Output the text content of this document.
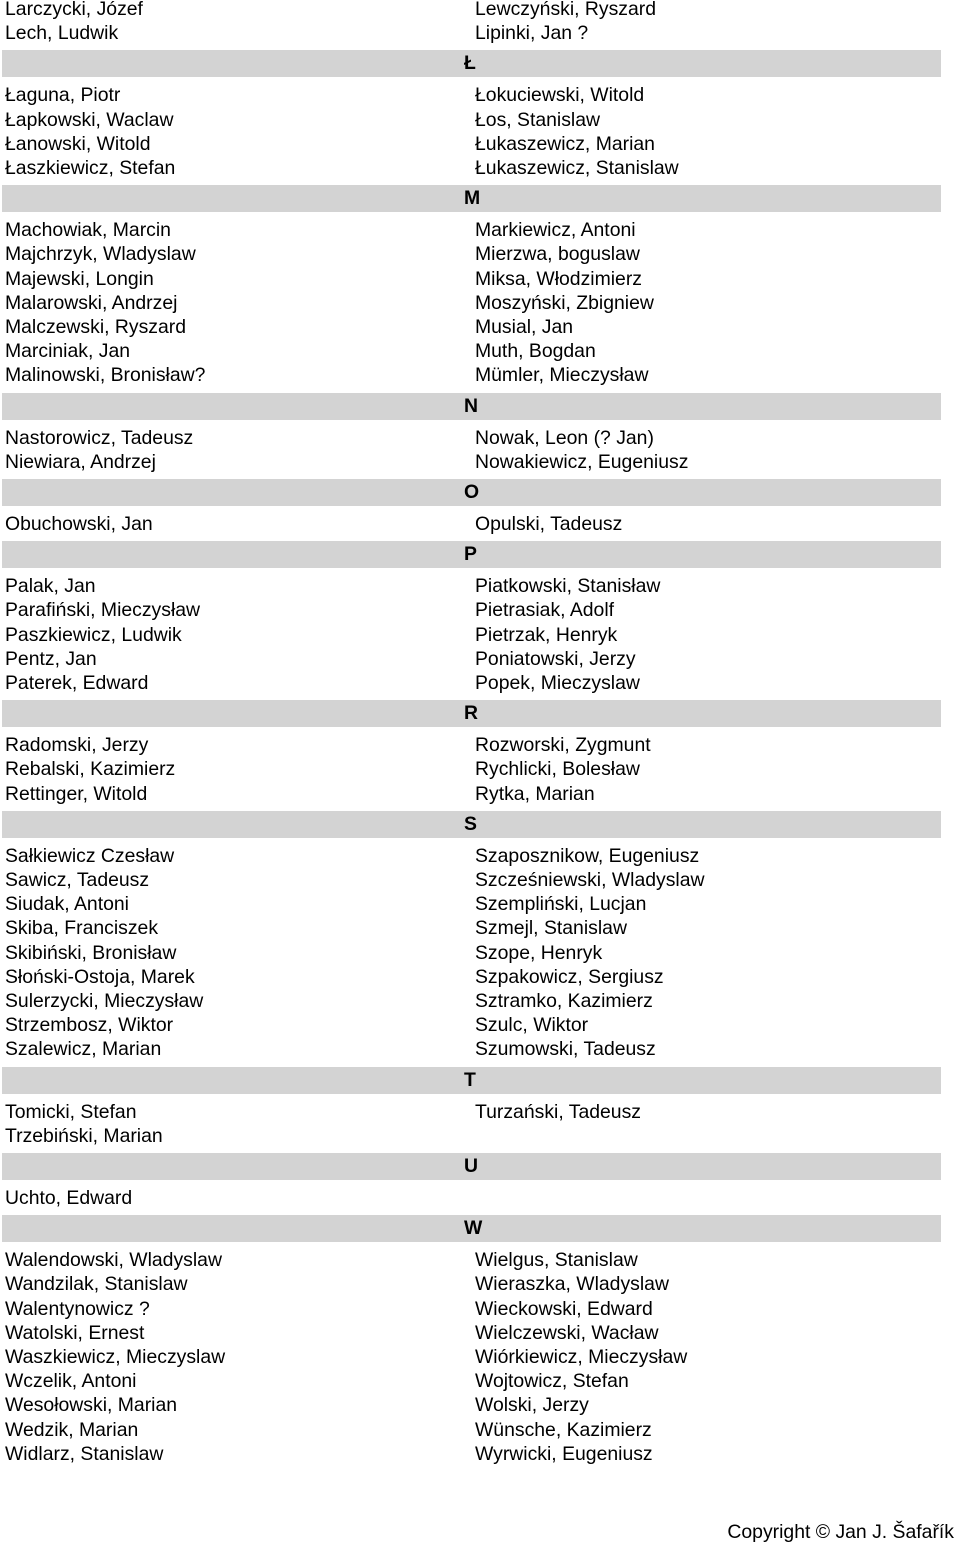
Larczycki, Józef	Lewczyński, Ryszard
Lech, Ludwik	Lipinki, Jan ?
Ł
Łaguna, Piotr	Łokuciewski, Witold
Łapkowski, Waclaw	Łos, Stanislaw
Łanowski, Witold	Łukaszewicz, Marian
Łaszkiewicz, Stefan	Łukaszewicz, Stanislaw
M
Machowiak, Marcin	Markiewicz, Antoni
Majchrzyk, Wladyslaw	Mierzwa, boguslaw
Majewski, Longin	Miksa, Włodzimierz
Malarowski, Andrzej	Moszyński, Zbigniew
Malczewski, Ryszard	Musial, Jan
Marciniak, Jan	Muth, Bogdan
Malinowski, Bronisław?	Mümler, Mieczysław
N
Nastorowicz, Tadeusz	Nowak, Leon (? Jan)
Niewiara, Andrzej	Nowakiewicz, Eugeniusz
O
Obuchowski, Jan	Opulski, Tadeusz
P
Palak, Jan	Piatkowski, Stanisław
Parafiński, Mieczysław	Pietrasiak, Adolf
Paszkiewicz, Ludwik	Pietrzak, Henryk
Pentz, Jan	Poniatowski, Jerzy
Paterek, Edward	Popek, Mieczyslaw
R
Radomski, Jerzy	Rozworski, Zygmunt
Rebalski, Kazimierz	Rychlicki, Bolesław
Rettinger, Witold	Rytka, Marian
S
Sałkiewicz Czesław	Szaposznikow, Eugeniusz
Sawicz, Tadeusz	Szcześniewski, Wladyslaw
Siudak, Antoni	Szempliński, Lucjan
Skiba, Franciszek	Szmejl, Stanislaw
Skibiński, Bronisław	Szope, Henryk
Słoński-Ostoja, Marek	Szpakowicz, Sergiusz
Sulerzycki, Mieczysław	Sztramko, Kazimierz
Strzembosz, Wiktor	Szulc, Wiktor
Szalewicz, Marian	Szumowski, Tadeusz
T
Tomicki, Stefan	Turzański, Tadeusz
Trzebiński, Marian
U
Uchto, Edward
W
Walendowski, Wladyslaw	Wielgus, Stanislaw
Wandzilak, Stanislaw	Wieraszka, Wladyslaw
Walentynowicz ?	Wieckowski, Edward
Watolski, Ernest	Wielczewski, Wacław
Waszkiewicz, Mieczyslaw	Wiórkiewicz, Mieczysław
Wczelik, Antoni	Wojtowicz, Stefan
Wesołowski, Marian	Wolski, Jerzy
Wedzik, Marian	Wünsche, Kazimierz
Widlarz, Stanislaw	Wyrwicki, Eugeniusz
Copyright © Jan J. Šafařík
